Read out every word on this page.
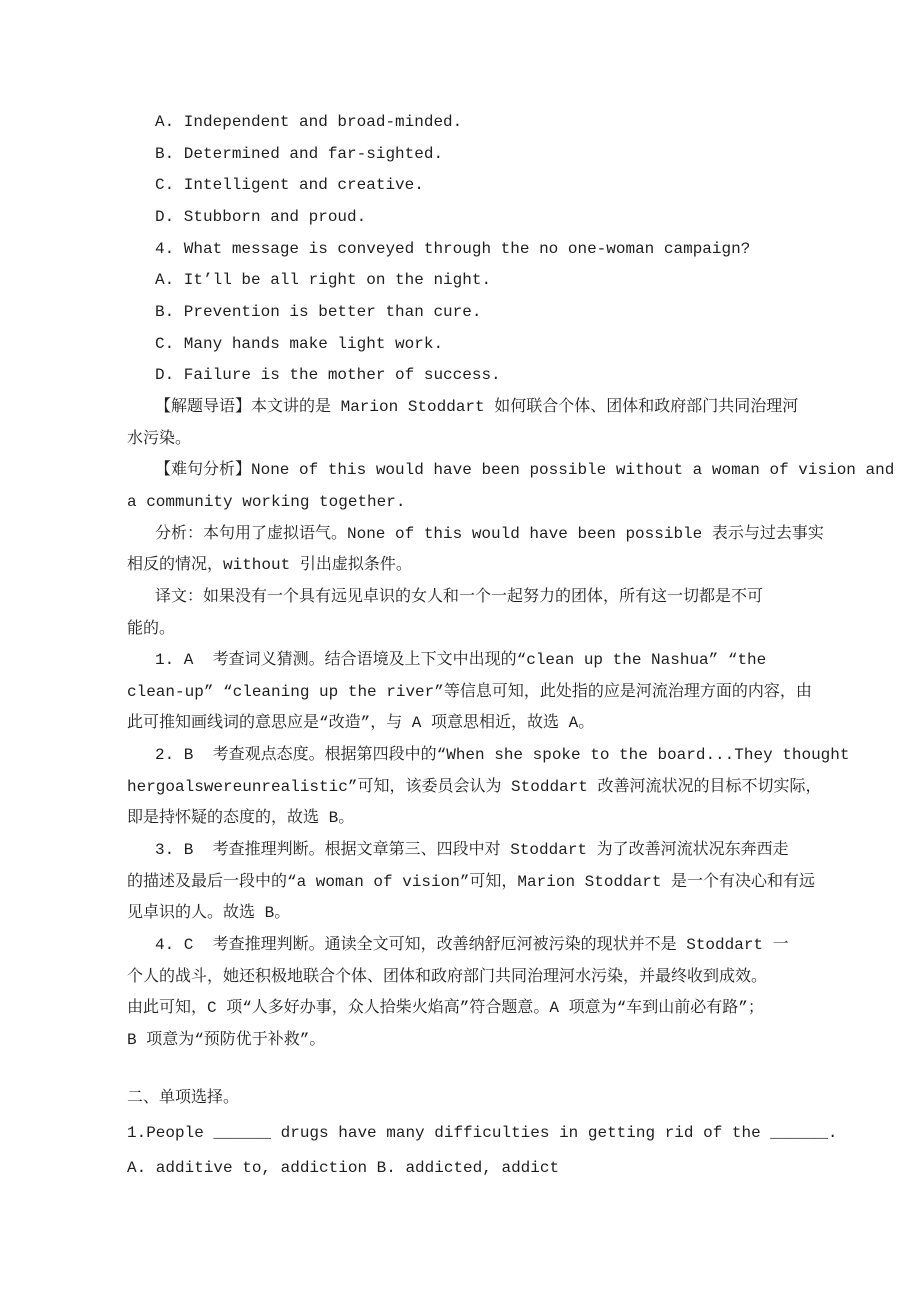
A. Independent and broad-minded.
B. Determined and far-sighted.
C. Intelligent and creative.
D. Stubborn and proud.
4. What message is conveyed through the no one-woman campaign?
A. It’ll be all right on the night.
B. Prevention is better than cure.
C. Many hands make light work.
D. Failure is the mother of success.
【解题导语】本文讲的是 Marion Stoddart 如何联合个体、团体和政府部门共同治理河
水污染。
【难句分析】None of this would have been possible without a woman of vision and
a community working together.
分析：本句用了虚拟语气。None of this would have been possible 表示与过去事实
相反的情况，without 引出虚拟条件。
译文：如果没有一个具有远见卓识的女人和一个一起努力的团体，所有这一切都是不可
能的。
1. A  考查词义猜测。结合语境及上下文中出现的“clean up the Nashua” “the
clean-up” “cleaning up the river”等信息可知，此处指的应是河流治理方面的内容，由
此可推知画线词的意思应是“改造”，与 A 项意思相近，故选 A。
2. B  考查观点态度。根据第四段中的“When she spoke to the board...They thought
hergoalswereunrealistic”可知，该委员会认为 Stoddart 改善河流状况的目标不切实际，
即是持怀疑的态度的，故选 B。
3. B  考查推理判断。根据文章第三、四段中对 Stoddart 为了改善河流状况东奔西走
的描述及最后一段中的“a woman of vision”可知，Marion Stoddart 是一个有决心和有远
见卓识的人。故选 B。
4. C  考查推理判断。通读全文可知，改善纳舒厄河被污染的现状并不是 Stoddart 一
个人的战斗，她还积极地联合个体、团体和政府部门共同治理河水污染，并最终收到成效。
由此可知，C 项“人多好办事，众人拾柴火焰高”符合题意。A 项意为“车到山前必有路”；
B 项意为“预防优于补救”。
二、单项选择。
1.People ______ drugs have many difficulties in getting rid of the ______.
A. additive to, addiction B. addicted, addict
